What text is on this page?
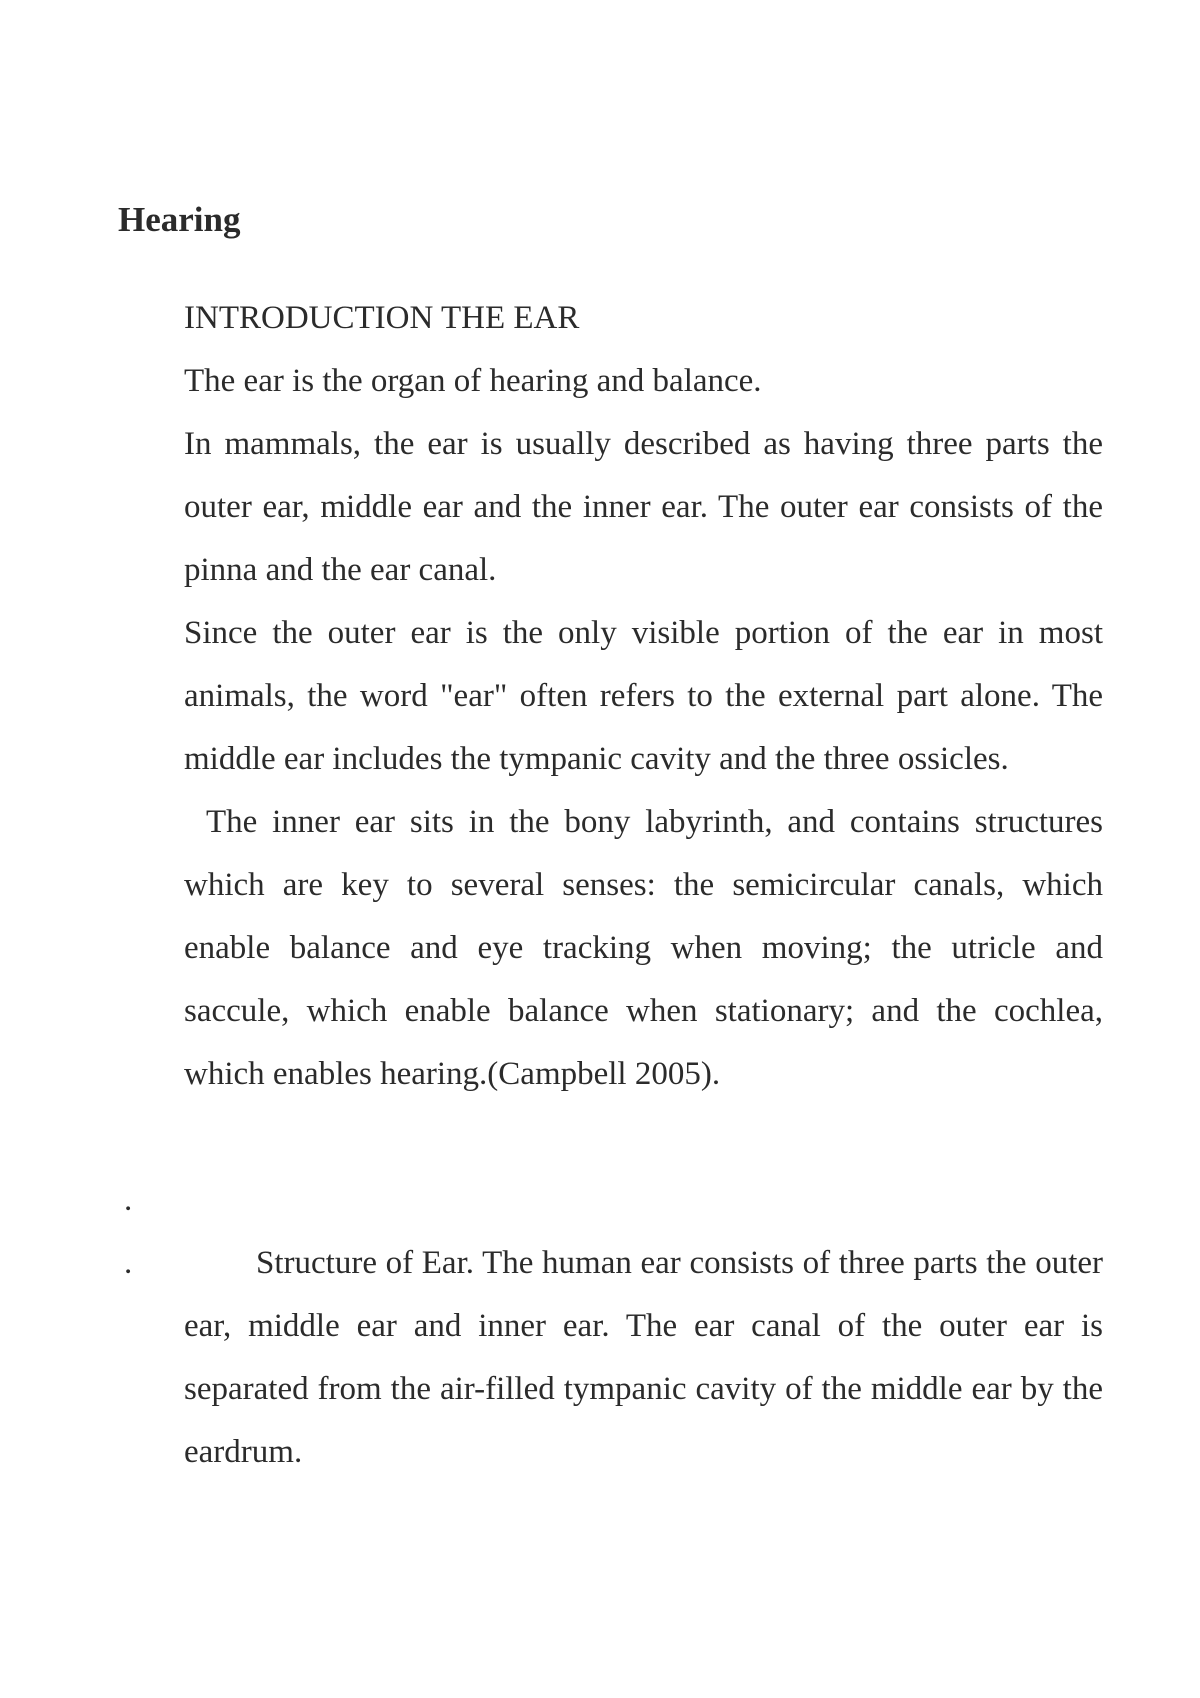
Hearing

INTRODUCTION THE EAR

The ear is the organ of hearing and balance.

In mammals, the ear is usually described as having three parts the outer ear, middle ear and the inner ear. The outer ear consists of the pinna and the ear canal.

Since the outer ear is the only visible portion of the ear in most animals, the word "ear" often refers to the external part alone. The middle ear includes the tympanic cavity and the three ossicles.

The inner ear sits in the bony labyrinth, and contains structures which are key to several senses: the semicircular canals, which enable balance and eye tracking when moving; the utricle and saccule, which enable balance when stationary; and the cochlea, which enables hearing.(Campbell 2005).

.
.	Structure of Ear. The human ear consists of three parts the outer ear, middle ear and inner ear. The ear canal of the outer ear is separated from the air-filled tympanic cavity of the middle ear by the eardrum.
